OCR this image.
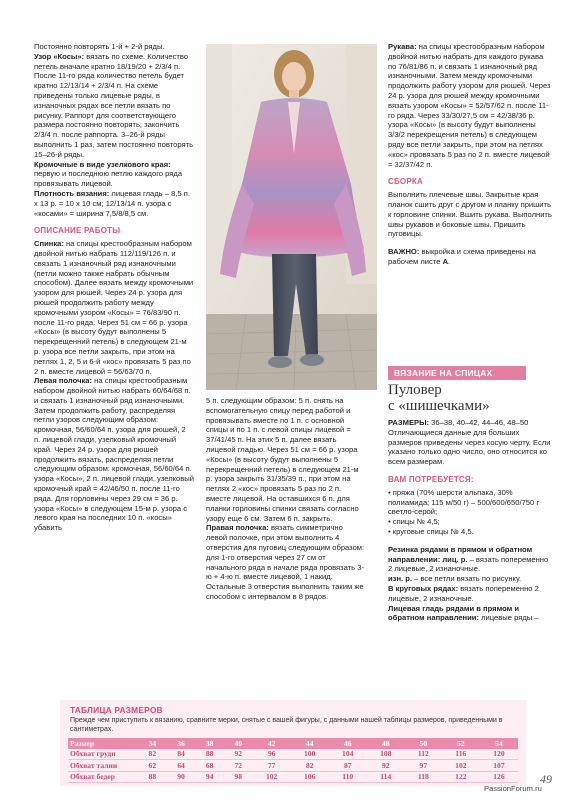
Постоянно повторять 1-й + 2-й ряды.

Узор «Косы»: вязать по схеме. Количество петель вначале кратно 18/19/20 + 2/3/4 п. После 11-го ряда количество петель будет кратно 12/13/14 + 2/3/4 п. На схеме приведены только лицевые ряды, в изнаночных рядах все петли вязать по рисунку. Раппорт для соответствующего размера постоянно повторять, закончить 2/3/4 п. после раппорта. 3–26-й ряды выполнить 1 раз, затем постоянно повторять 15–26-й ряды.

Кромочные в виде узелкового края: первую и последнюю петлю каждого ряда провязывать лицевой.

Плотность вязания: лицевая гладь – 8,5 п. х 13 р. = 10 х 10 см; 12/13/14 п. узора с «косами» = ширина 7,5/8/8,5 см.

ОПИСАНИЕ РАБОТЫ

Спинка: на спицы крестообразным набором двойной нитью набрать 112/119/126 п. и связать 1 изнаночный ряд изнаночными (петли можно также набрать обычным способом). Далее вязать между кромочными узором для рюшей. Через 24 р. узора для рюшей продолжить работу между кромочными узором «Косы» = 76/83/90 п. после 11-го ряда. Через 51 см = 66 р. узора «Косы» (в высоту будут выполнены 5 перекрещенний петель) в следующем 21-м р. узора все петли закрыть, при этом на петлях 1, 2, 5 и 6-й «кос» провязать 5 раз по 2 п. вместе лицевой = 56/63/70 п.

Левая полочка: на спицы крестообразным набором двойной нитью набрать 60/64/68 п. и связать 1 изнаночный ряд изнаночными. Затем продолжить работу, распределяя петли узоров следующим образом: кромочная, 56/60/64 п. узора для рюшей, 2 п. лицевой глади, узелковый кромочный край. Через 24 р. узора для рюшей продолжить вязать, распределяя петли следующим образом: кромочная, 56/60/64 п. узора «Косы», 2 п. лицевой глади, узелковый кромочный край = 42/46/50 п. после 11-го ряда. Для горловины через 29 см = 36 р. узора «Косы» в следующем 15-м р. узора с левого края на последних 10 п. «косы» убавить

5 п. следующим образом: 5 п. снять на вспомогательную спицу перед работой и провязывать вместе по 1 п. с основной спицы и по 1 п. с левой спицы лицевой = 37/41/45 п. На этих 5 п. далее вязать лицевой гладью. Через 51 см = 66 р. узора «Косы» (в высоту будут выполнены 5 перекрещенний петель) в следующем 21-м р. узора закрыть 31/35/39 п., при этом на петлях 2 «кос» провязать 5 раз по 2 п. вместе лицевой. На оставшихся 6 п. для планки горловины спинки связать согласно узору еще 6 см. Затем 6 п. закрыть.

Правая полочка: вязать симметрично левой полочке, при этом выполнить 4 отверстия для пуговиц следующим образом: для 1-го отверстия через 27 см от начального ряда в начале ряда провязать 3-ю + 4-ю п. вместе лицевой, 1 накид. Остальные 3 отверстия выполнить таким же способом с интервалом в 8 рядов.

Рукава: на спицы крестообразным набором двойной нитью набрать для каждого рукава по 76/81/86 п. и связать 1 изнаночный ряд изнаночными. Затем между кромочными продолжить работу узором для рюшей. Через 24 р. узора для рюшей между кромочными вязать узором «Косы» = 52/57/62 п. после 11-го ряда. Через 33/30/27,5 см = 42/38/36 р. узора «Косы» (в высоту будут выполнены 3/3/2 перекрещения петель) в следующем ряду все петли закрыть, при этом на петлях «кос» провязать 5 раз по 2 п. вместе лицевой = 32/37/42 п.

СБОРКА

Выполнить плечевые швы. Закрытые края планок сшить друг с другом и планку пришить к горловине спинки. Вшить рукава. Выполнить швы рукавов и боковые швы. Пришить пуговицы.

ВАЖНО: выкройка и схема приведены на рабочем листе А.

ВЯЗАНИЕ НА СПИЦАХ
Пуловер
с «шишечками»

РАЗМЕРЫ: 36–38, 40–42, 44–46, 48–50 Отличающиеся данные для больших размеров приведены через косую черту. Если указано только одно число, оно относится ко всем размерам.

ВАМ ПОТРЕБУЕТСЯ:

• пряжа (70% шерсти альпака, 30% полиамида; 115 м/50 г) – 500/600/650/750 г светло-серой;

• спицы № 4,5;

• круговые спицы № 4,5.

Резинка рядами в прямом и обратном направлении: лиц. р. – вязать попеременно 2 лицевые, 2 изнаночные.

изн. р. – все петли вязать по рисунку.

В круговых рядах: вязать попеременно 2 лицевые, 2 изнаночные.

Лицевая гладь рядами в прямом и обратном направлении: лицевые ряды –

ТАБЛИЦА РАЗМЕРОВ
Прежде чем приступить к вязанию, сравните мерки, снятые с вашей фигуры, с данными нашей таблицы размеров, приведенными в сантиметрах.
Размер	34	36	38	40	42	44	46	48	50	52	54
Обхват груди	82	84	88	92	96	100	104	108	112	116	120
Обхват талии	62	64	68	72	77	82	87	92	97	102	107
Обхват бедер	88	90	94	98	102	106	110	114	118	122	126	49
PassionForum.ru
